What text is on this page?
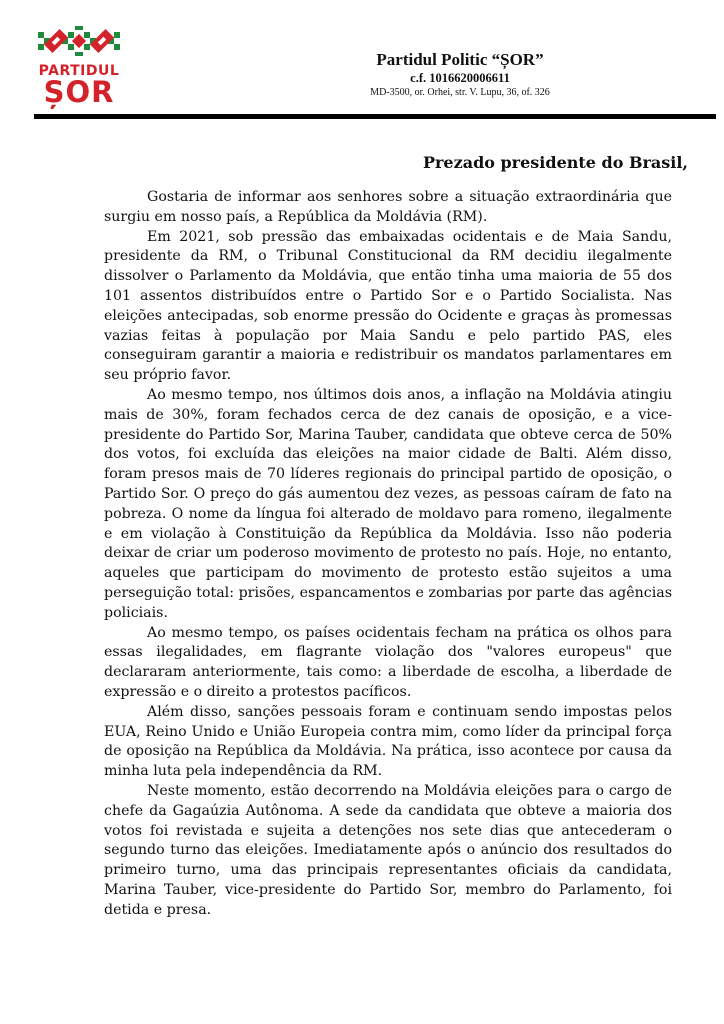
PARTIDUL
ȘOR
Partidul Politic “ȘOR”
c.f. 1016620006611
MD-3500, or. Orhei, str. V. Lupu, 36, of. 326
Prezado presidente do Brasil,

Gostaria de informar aos senhores sobre a situação extraordinária que surgiu em nosso país, a República da Moldávia (RM).

Em 2021, sob pressão das embaixadas ocidentais e de Maia Sandu, presidente da RM, o Tribunal Constitucional da RM decidiu ilegalmente dissolver o Parlamento da Moldávia, que então tinha uma maioria de 55 dos 101 assentos distribuídos entre o Partido Sor e o Partido Socialista. Nas eleições antecipadas, sob enorme pressão do Ocidente e graças às promessas vazias feitas à população por Maia Sandu e pelo partido PAS, eles conseguiram garantir a maioria e redistribuir os mandatos parlamentares em seu próprio favor.

Ao mesmo tempo, nos últimos dois anos, a inflação na Moldávia atingiu mais de 30%, foram fechados cerca de dez canais de oposição, e a vice-presidente do Partido Sor, Marina Tauber, candidata que obteve cerca de 50% dos votos, foi excluída das eleições na maior cidade de Balti. Além disso, foram presos mais de 70 líderes regionais do principal partido de oposição, o Partido Sor. O preço do gás aumentou dez vezes, as pessoas caíram de fato na pobreza. O nome da língua foi alterado de moldavo para romeno, ilegalmente e em violação à Constituição da República da Moldávia. Isso não poderia deixar de criar um poderoso movimento de protesto no país. Hoje, no entanto, aqueles que participam do movimento de protesto estão sujeitos a uma perseguição total: prisões, espancamentos e zombarias por parte das agências policiais.

Ao mesmo tempo, os países ocidentais fecham na prática os olhos para essas ilegalidades, em flagrante violação dos "valores europeus" que declararam anteriormente, tais como: a liberdade de escolha, a liberdade de expressão e o direito a protestos pacíficos.

Além disso, sanções pessoais foram e continuam sendo impostas pelos EUA, Reino Unido e União Europeia contra mim, como líder da principal força de oposição na República da Moldávia. Na prática, isso acontece por causa da minha luta pela independência da RM.

Neste momento, estão decorrendo na Moldávia eleições para o cargo de chefe da Gagaúzia Autônoma. A sede da candidata que obteve a maioria dos votos foi revistada e sujeita a detenções nos sete dias que antecederam o segundo turno das eleições. Imediatamente após o anúncio dos resultados do primeiro turno, uma das principais representantes oficiais da candidata, Marina Tauber, vice-presidente do Partido Sor, membro do Parlamento, foi detida e presa.
